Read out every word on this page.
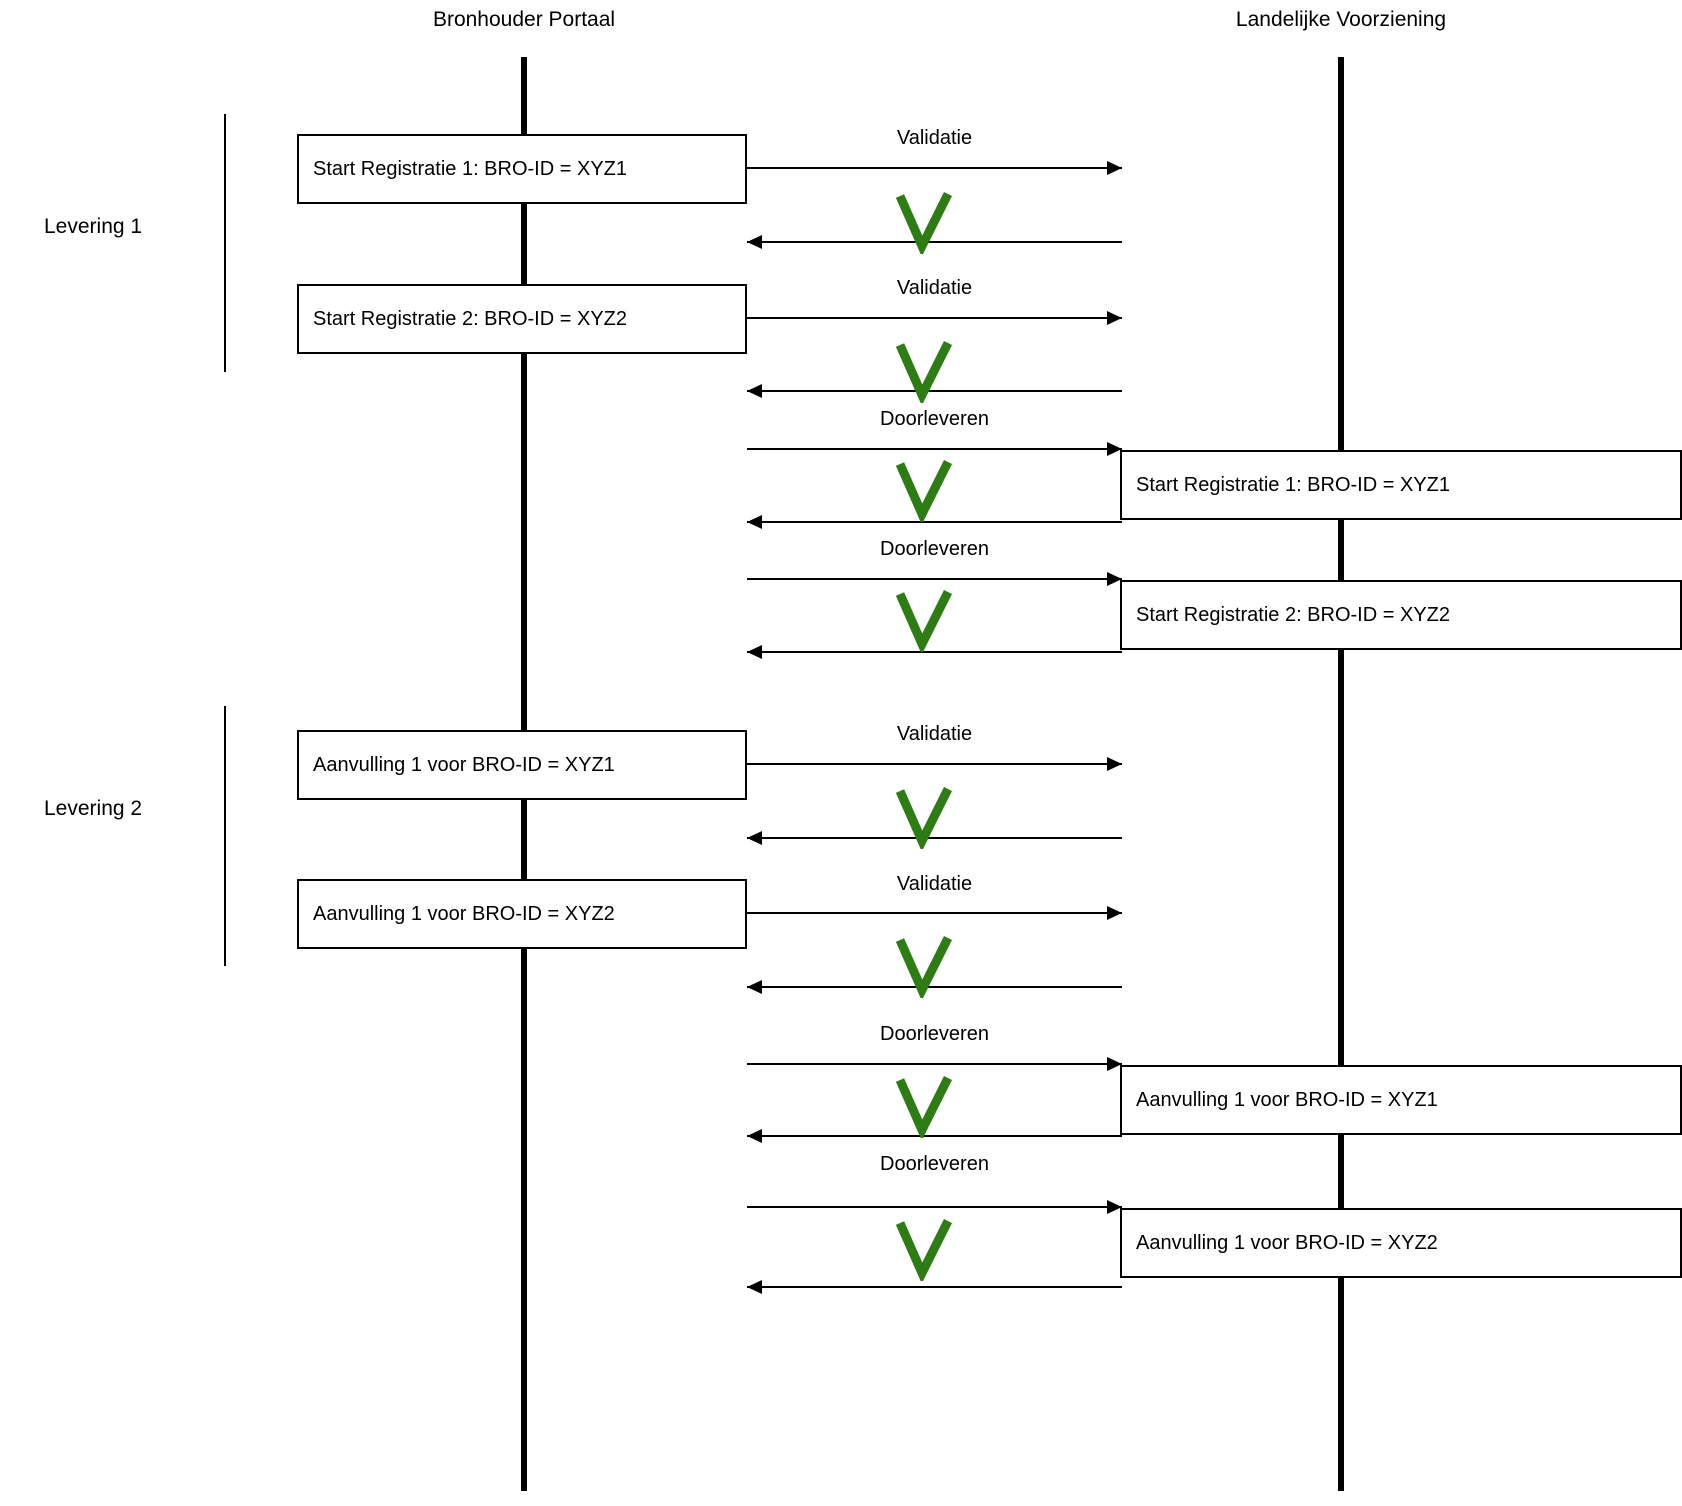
Bronhouder Portaal	Landelijke Voorziening
Levering 1
Levering 2
Validatie
Validatie
Doorleveren
Doorleveren
Validatie
Validatie
Doorleveren
Doorleveren
Start Registratie 1: BRO-ID = XYZ1
Start Registratie 2: BRO-ID = XYZ2
Start Registratie 1: BRO-ID = XYZ1
Start Registratie 2: BRO-ID = XYZ2
Aanvulling 1 voor BRO-ID = XYZ1
Aanvulling 1 voor BRO-ID = XYZ2
Aanvulling 1 voor BRO-ID = XYZ1
Aanvulling 1 voor BRO-ID = XYZ2
